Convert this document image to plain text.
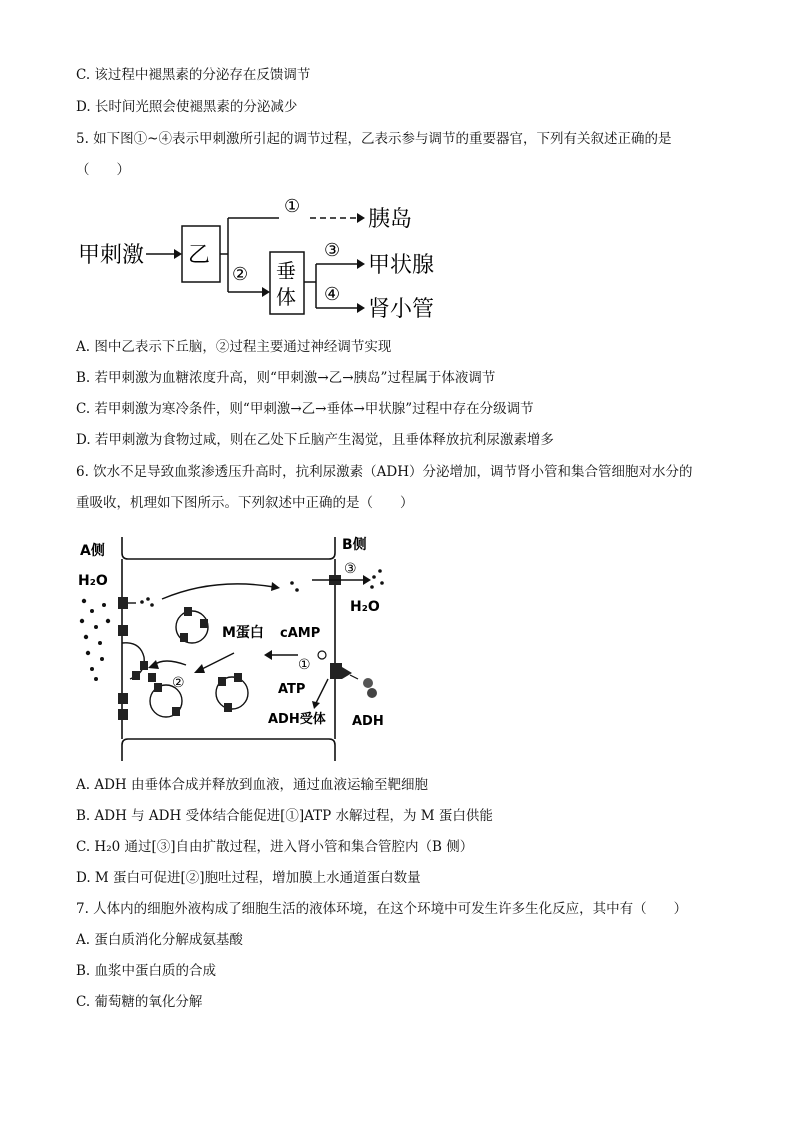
C. 该过程中褪黑素的分泌存在反馈调节
D. 长时间光照会使褪黑素的分泌减少
5. 如下图①~④表示甲刺激所引起的调节过程，乙表示参与调节的重要器官，下列有关叙述正确的是
（　　）
甲刺激 乙
①
胰岛
② 垂
体
③
甲状腺
④
肾小管
A. 图中乙表示下丘脑，②过程主要通过神经调节实现
B. 若甲刺激为血糖浓度升高，则“甲刺激→乙→胰岛”过程属于体液调节
C. 若甲刺激为寒冷条件，则“甲刺激→乙→垂体→甲状腺”过程中存在分级调节
D. 若甲刺激为食物过咸，则在乙处下丘脑产生渴觉，且垂体释放抗利尿激素增多
6. 饮水不足导致血浆渗透压升高时，抗利尿激素（ADH）分泌增加，调节肾小管和集合管细胞对水分的
重吸收，机理如下图所示。下列叙述中正确的是（　　）
A侧	B侧
H₂O
H₂O
③
M蛋白 cAMP
②
①
ATP
ADH受体 ADH
A. ADH 由垂体合成并释放到血液，通过血液运输至靶细胞
B. ADH 与 ADH 受体结合能促进[①]ATP 水解过程，为 M 蛋白供能
C. H₂0 通过[③]自由扩散过程，进入肾小管和集合管腔内（B 侧）
D. M 蛋白可促进[②]胞吐过程，增加膜上水通道蛋白数量
7. 人体内的细胞外液构成了细胞生活的液体环境，在这个环境中可发生许多生化反应，其中有（　　）
A. 蛋白质消化分解成氨基酸
B. 血浆中蛋白质的合成
C. 葡萄糖的氧化分解
